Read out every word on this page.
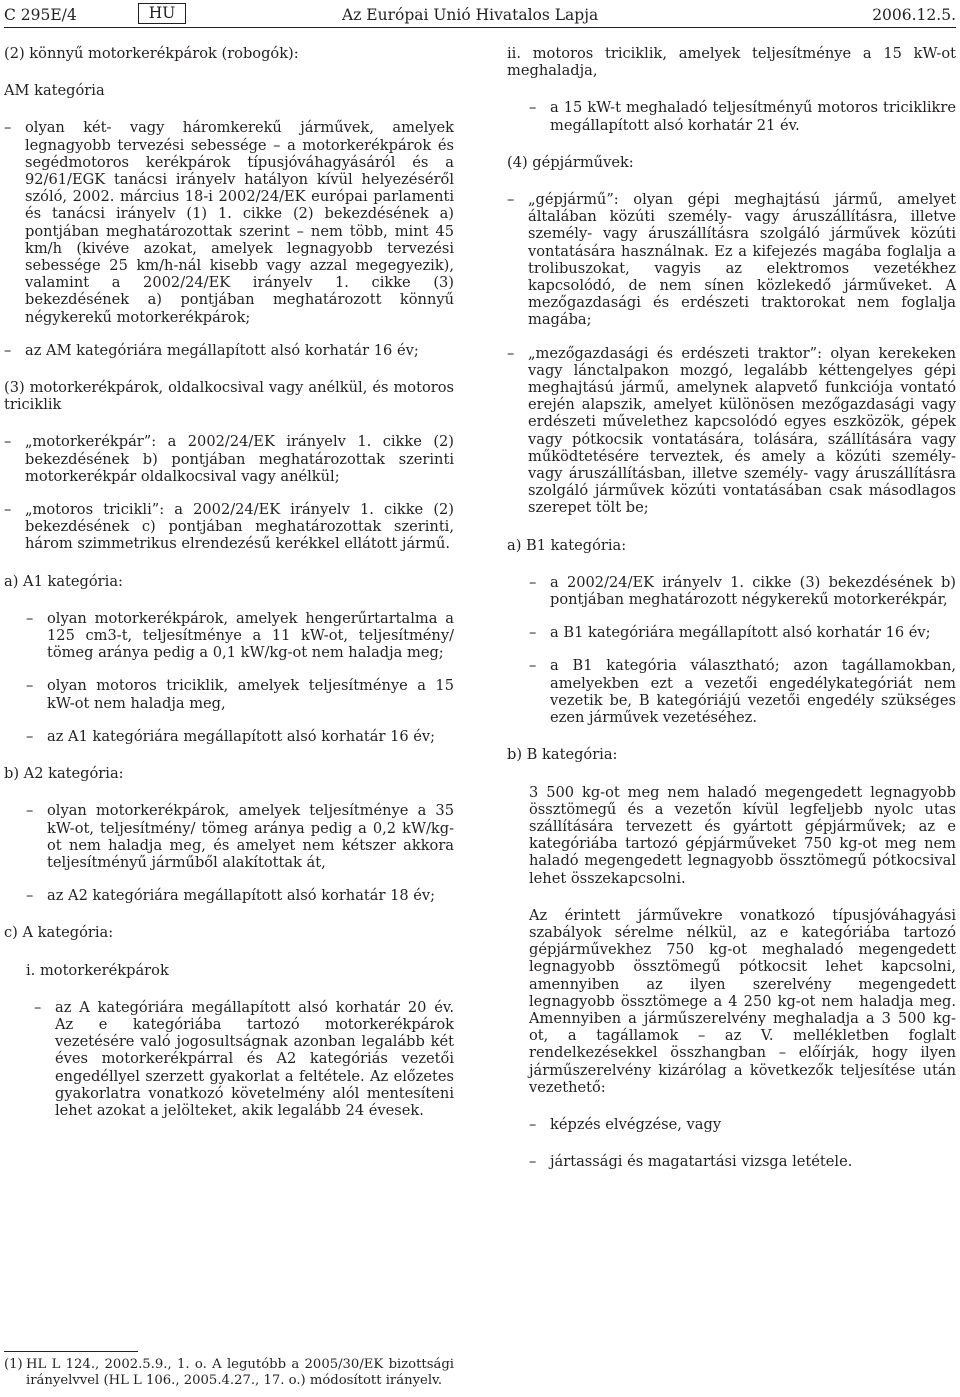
C 295E/4	HU	Az Európai Unió Hivatalos Lapja	2006.12.5.

(2) könnyű motorkerékpárok (robogók):

AM kategória

– olyan két- vagy háromkerekű járművek, amelyek legnagyobb tervezési sebessége – a motorkerékpárok és segédmotoros kerékpárok típusjóváhagyásáról és a 92/61/EGK tanácsi irányelv hatályon kívül helyezéséről szóló, 2002. március 18-i 2002/24/EK európai parlamenti és tanácsi irányelv (1) 1. cikke (2) bekezdésének a) pontjában meghatározottak szerint – nem több, mint 45 km/h (kivéve azokat, amelyek legnagyobb tervezési sebessége 25 km/h-nál kisebb vagy azzal megegyezik), valamint a 2002/24/EK irányelv 1. cikke (3) bekezdésének a) pontjában meghatározott könnyű négykerekű motorkerékpárok;
– az AM kategóriára megállapított alsó korhatár 16 év;

(3) motorkerékpárok, oldalkocsival vagy anélkül, és motoros triciklik

– „motorkerékpár”: a 2002/24/EK irányelv 1. cikke (2) bekezdésének b) pontjában meghatározottak szerinti motorkerékpár oldalkocsival vagy anélkül;
– „motoros tricikli”: a 2002/24/EK irányelv 1. cikke (2) bekezdésének c) pontjában meghatározottak szerinti, három szimmetrikus elrendezésű kerékkel ellátott jármű.

a) A1 kategória:

– olyan motorkerékpárok, amelyek hengerűrtartalma a 125 cm3-t, teljesítménye a 11 kW-ot, teljesítmény/ tömeg aránya pedig a 0,1 kW/kg-ot nem haladja meg;
– olyan motoros triciklik, amelyek teljesítménye a 15 kW-ot nem haladja meg,
– az A1 kategóriára megállapított alsó korhatár 16 év;

b) A2 kategória:

– olyan motorkerékpárok, amelyek teljesítménye a 35 kW-ot, teljesítmény/ tömeg aránya pedig a 0,2 kW/kg-ot nem haladja meg, és amelyet nem kétszer akkora teljesítményű járműből alakítottak át,
– az A2 kategóriára megállapított alsó korhatár 18 év;

c) A kategória:

i. motorkerékpárok

– az A kategóriára megállapított alsó korhatár 20 év. Az e kategóriába tartozó motorkerékpárok vezetésére való jogosultságnak azonban legalább két éves motorkerékpárral és A2 kategóriás vezetői engedéllyel szerzett gyakorlat a feltétele. Az előzetes gyakorlatra vonatkozó követelmény alól mentesíteni lehet azokat a jelölteket, akik legalább 24 évesek.

ii. motoros triciklik, amelyek teljesítménye a 15 kW-ot meghaladja,

– a 15 kW-t meghaladó teljesítményű motoros triciklikre megállapított alsó korhatár 21 év.

(4) gépjárművek:

– „gépjármű”: olyan gépi meghajtású jármű, amelyet általában közúti személy- vagy áruszállításra, illetve személy- vagy áruszállításra szolgáló járművek közúti vontatására használnak. Ez a kifejezés magába foglalja a trolibuszokat, vagyis az elektromos vezetékhez kapcsolódó, de nem sínen közlekedő járműveket. A mezőgazdasági és erdészeti traktorokat nem foglalja magába;
– „mezőgazdasági és erdészeti traktor”: olyan kerekeken vagy lánctalpakon mozgó, legalább kéttengelyes gépi meghajtású jármű, amelynek alapvető funkciója vontató erején alapszik, amelyet különösen mezőgazdasági vagy erdészeti művelethez kapcsolódó egyes eszközök, gépek vagy pótkocsik vontatására, tolására, szállítására vagy működtetésére terveztek, és amely a közúti személy- vagy áruszállításban, illetve személy- vagy áruszállításra szolgáló járművek közúti vontatásában csak másodlagos szerepet tölt be;

a) B1 kategória:

– a 2002/24/EK irányelv 1. cikke (3) bekezdésének b) pontjában meghatározott négykerekű motorkerékpár,
– a B1 kategóriára megállapított alsó korhatár 16 év;
– a B1 kategória választható; azon tagállamokban, amelyekben ezt a vezetői engedélykategóriát nem vezetik be, B kategóriájú vezetői engedély szükséges ezen járművek vezetéséhez.

b) B kategória:

3 500 kg-ot meg nem haladó megengedett legnagyobb össztömegű és a vezetőn kívül legfeljebb nyolc utas szállítására tervezett és gyártott gépjárművek; az e kategóriába tartozó gépjárműveket 750 kg-ot meg nem haladó megengedett legnagyobb össztömegű pótkocsival lehet összekapcsolni.

Az érintett járművekre vonatkozó típusjóváhagyási szabályok sérelme nélkül, az e kategóriába tartozó gépjárművekhez 750 kg-ot meghaladó megengedett legnagyobb össztömegű pótkocsit lehet kapcsolni, amennyiben az ilyen szerelvény megengedett legnagyobb össztömege a 4 250 kg-ot nem haladja meg. Amennyiben a járműszerelvény meghaladja a 3 500 kg-ot, a tagállamok – az V. mellékletben foglalt rendelkezésekkel összhangban – előírják, hogy ilyen járműszerelvény kizárólag a következők teljesítése után vezethető:

– képzés elvégzése, vagy
– jártassági és magatartási vizsga letétele.
(1) HL L 124., 2002.5.9., 1. o. A legutóbb a 2005/30/EK bizottsági irányelvvel (HL L 106., 2005.4.27., 17. o.) módosított irányelv.
